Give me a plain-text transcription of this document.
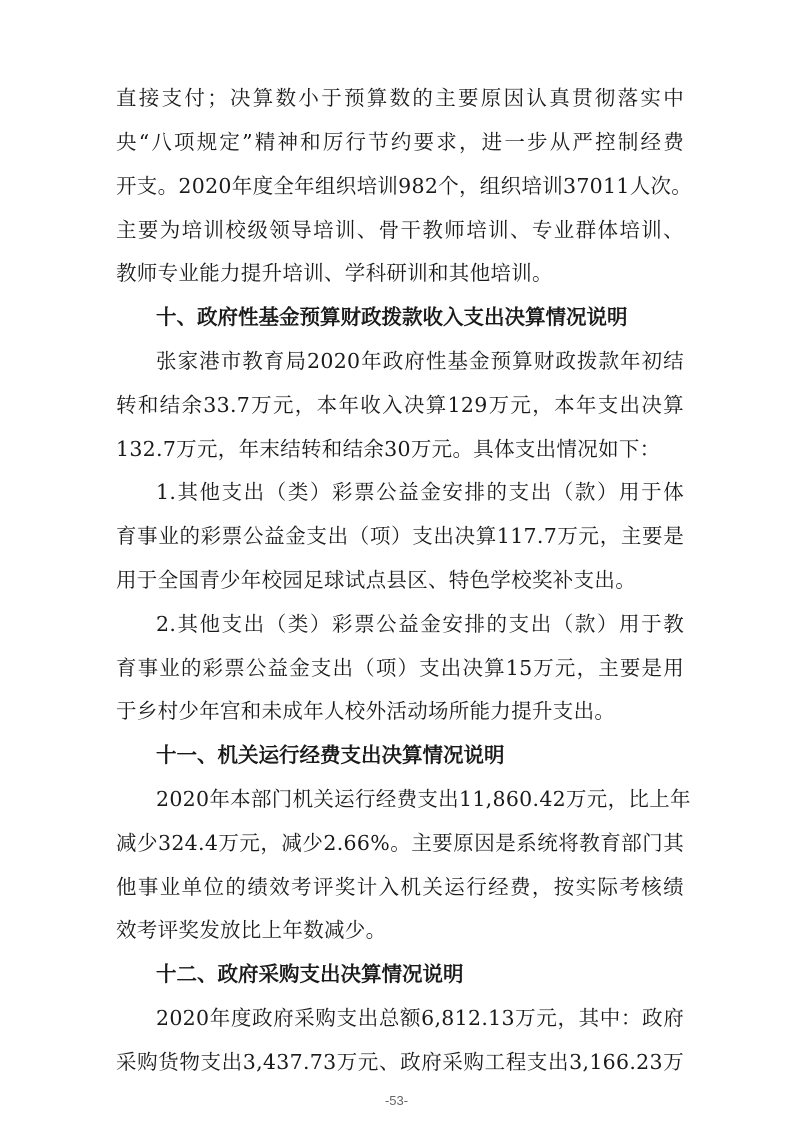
直接支付；决算数小于预算数的主要原因认真贯彻落实中
央“八项规定”精神和厉行节约要求，进一步从严控制经费
开支。2020年度全年组织培训982个，组织培训37011人次。
主要为培训校级领导培训、骨干教师培训、专业群体培训、
教师专业能力提升培训、学科研训和其他培训。
十、政府性基金预算财政拨款收入支出决算情况说明
张家港市教育局2020年政府性基金预算财政拨款年初结
转和结余33.7万元，本年收入决算129万元，本年支出决算
132.7万元，年末结转和结余30万元。具体支出情况如下：
1.其他支出（类）彩票公益金安排的支出（款）用于体
育事业的彩票公益金支出（项）支出决算117.7万元，主要是
用于全国青少年校园足球试点县区、特色学校奖补支出。
2.其他支出（类）彩票公益金安排的支出（款）用于教
育事业的彩票公益金支出（项）支出决算15万元，主要是用
于乡村少年宫和未成年人校外活动场所能力提升支出。
十一、机关运行经费支出决算情况说明
2020年本部门机关运行经费支出11,860.42万元，比上年
减少324.4万元，减少2.66%。主要原因是系统将教育部门其
他事业单位的绩效考评奖计入机关运行经费，按实际考核绩
效考评奖发放比上年数减少。
十二、政府采购支出决算情况说明
2020年度政府采购支出总额6,812.13万元，其中：政府
采购货物支出3,437.73万元、政府采购工程支出3,166.23万
-53-
